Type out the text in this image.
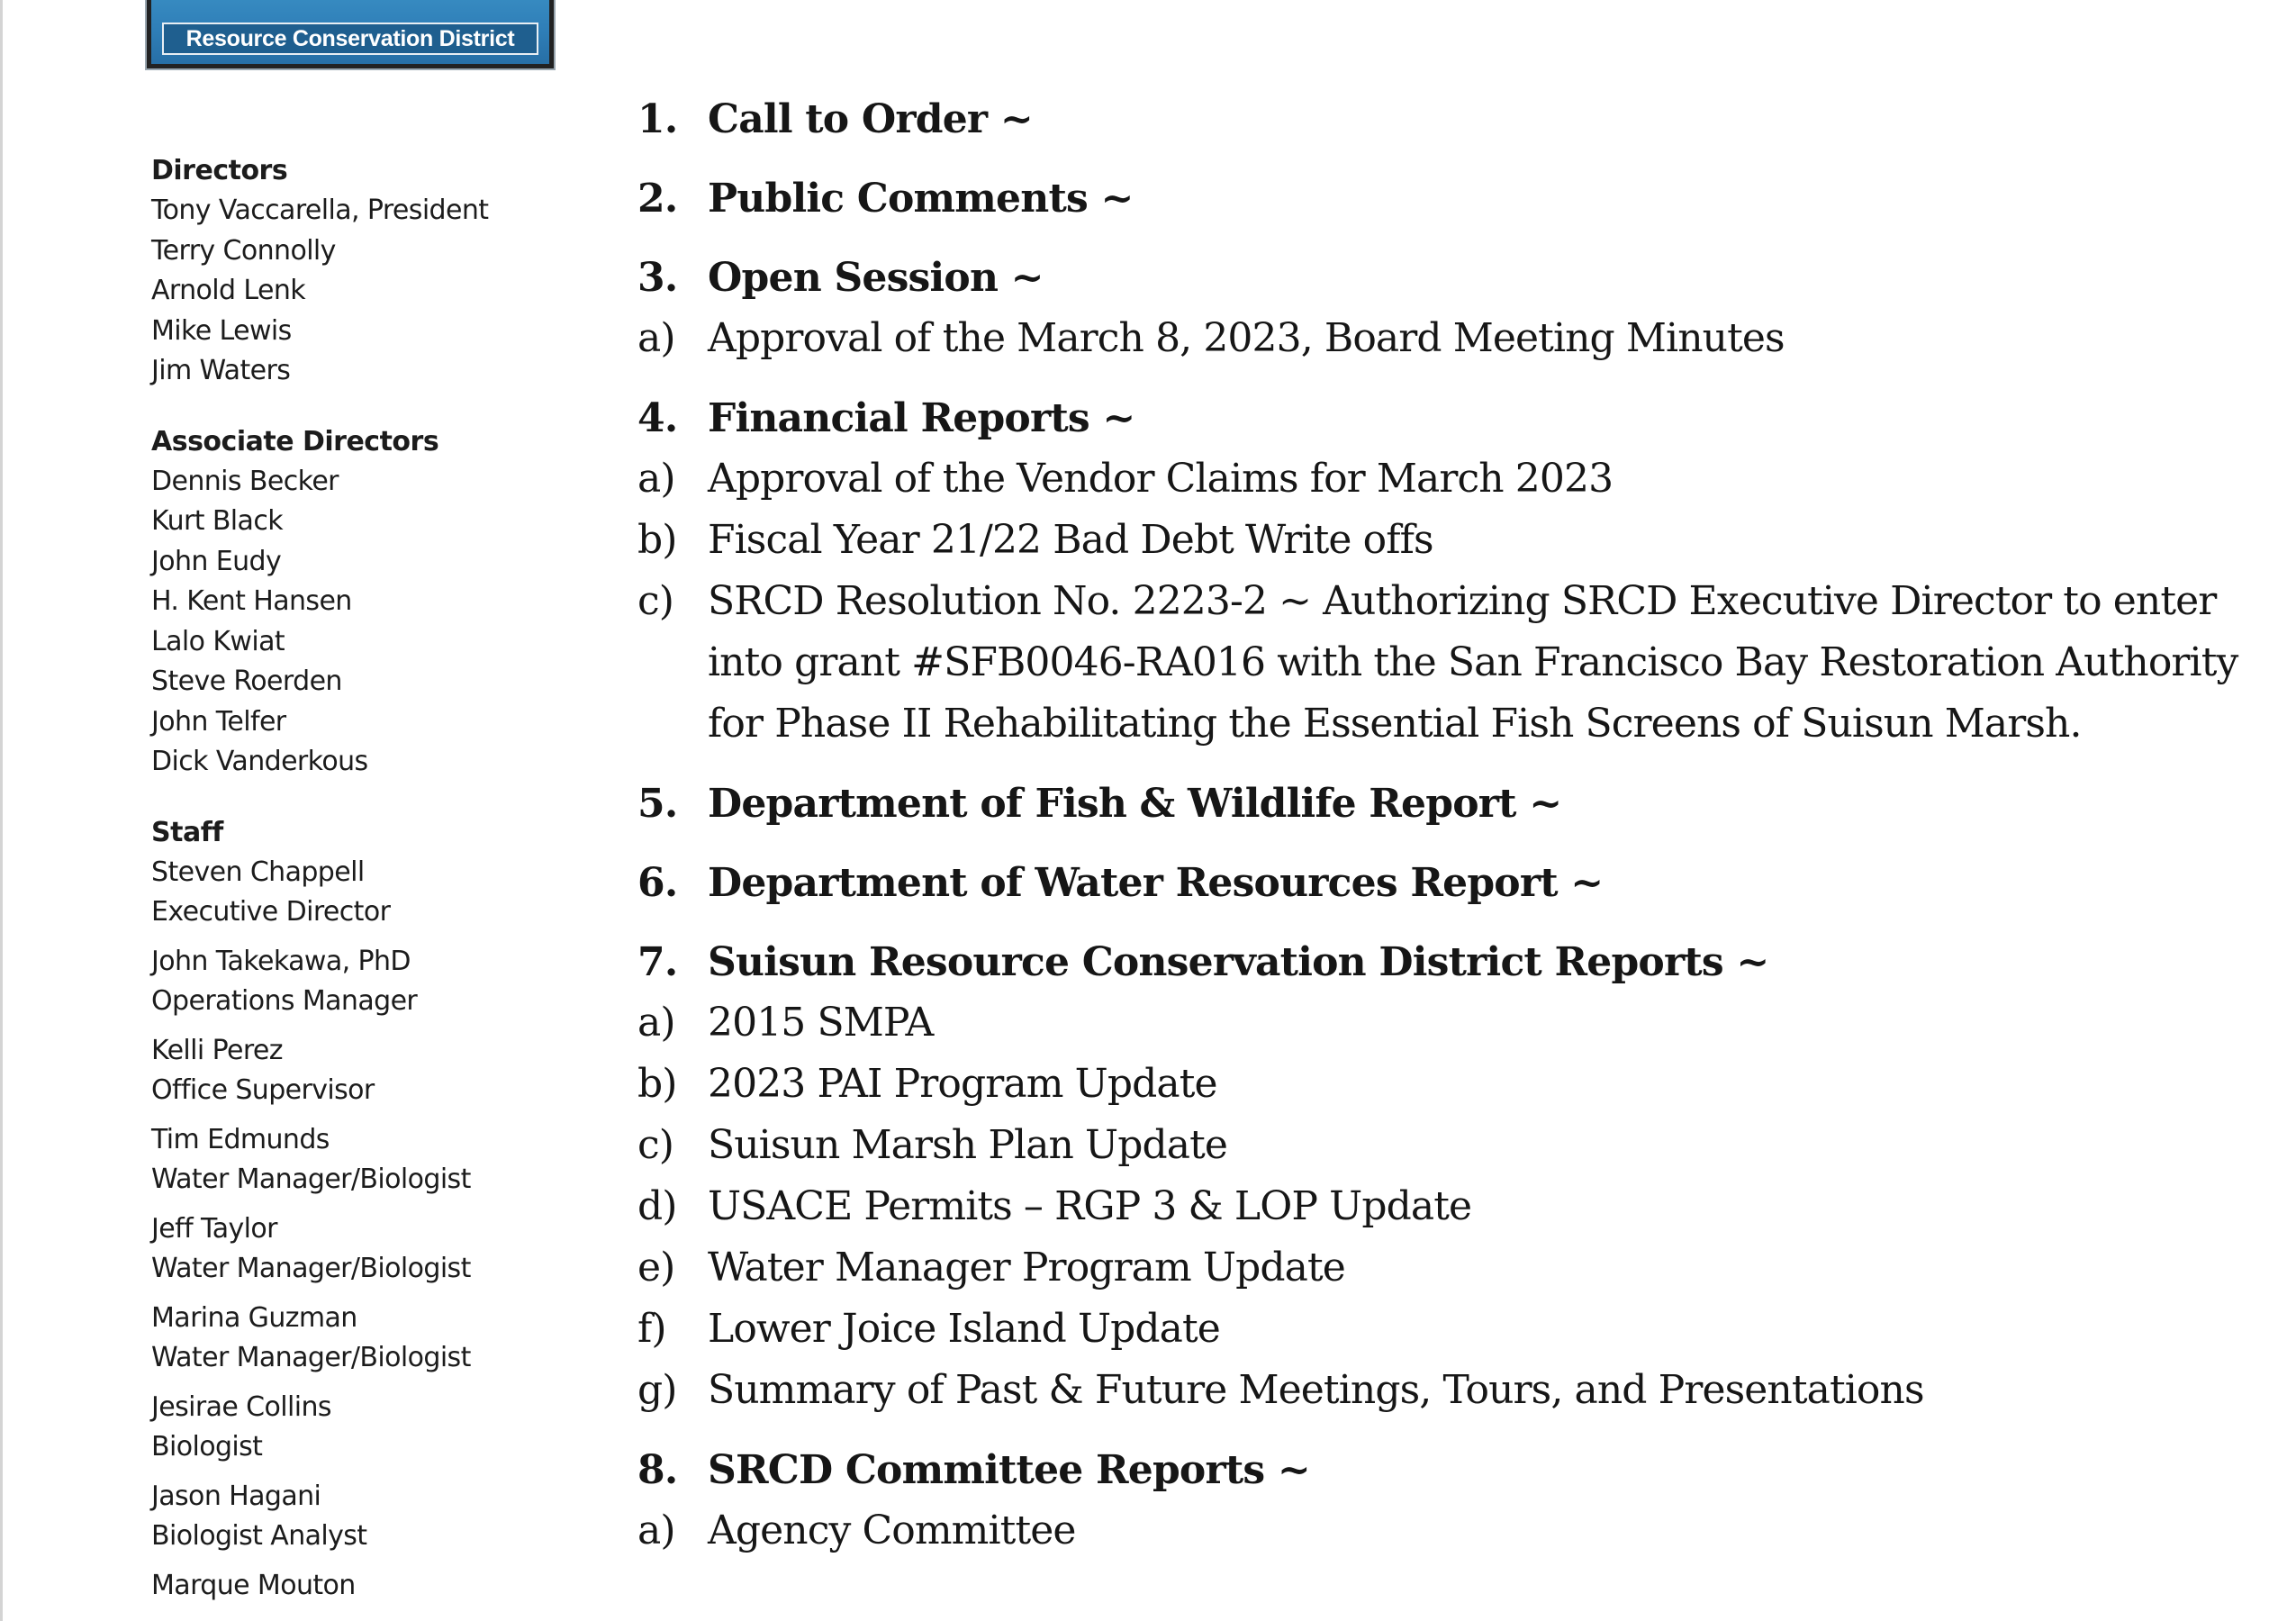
Resource Conservation District
Directors
Tony Vaccarella, President
Terry Connolly
Arnold Lenk
Mike Lewis
Jim Waters
Associate Directors
Dennis Becker
Kurt Black
John Eudy
H. Kent Hansen
Lalo Kwiat
Steve Roerden
John Telfer
Dick Vanderkous
Staff
Steven Chappell
Executive Director
John Takekawa, PhD
Operations Manager
Kelli Perez
Office Supervisor
Tim Edmunds
Water Manager/Biologist
Jeff Taylor
Water Manager/Biologist
Marina Guzman
Water Manager/Biologist
Jesirae Collins
Biologist
Jason Hagani
Biologist Analyst
Marque Mouton
1. Call to Order ~
2. Public Comments ~
3. Open Session ~
a) Approval of the March 8, 2023, Board Meeting Minutes
4. Financial Reports ~
a) Approval of the Vendor Claims for March 2023
b) Fiscal Year 21/22 Bad Debt Write offs
c) SRCD Resolution No. 2223-2 ~ Authorizing SRCD Executive Director to enter into grant #SFB0046-RA016 with the San Francisco Bay Restoration Authority for Phase II Rehabilitating the Essential Fish Screens of Suisun Marsh.
5. Department of Fish & Wildlife Report ~
6. Department of Water Resources Report ~
7. Suisun Resource Conservation District Reports ~
a) 2015 SMPA
b) 2023 PAI Program Update
c) Suisun Marsh Plan Update
d) USACE Permits – RGP 3 & LOP Update
e) Water Manager Program Update
f)	Lower Joice Island Update
g) Summary of Past & Future Meetings, Tours, and Presentations
8. SRCD Committee Reports ~
a) Agency Committee
